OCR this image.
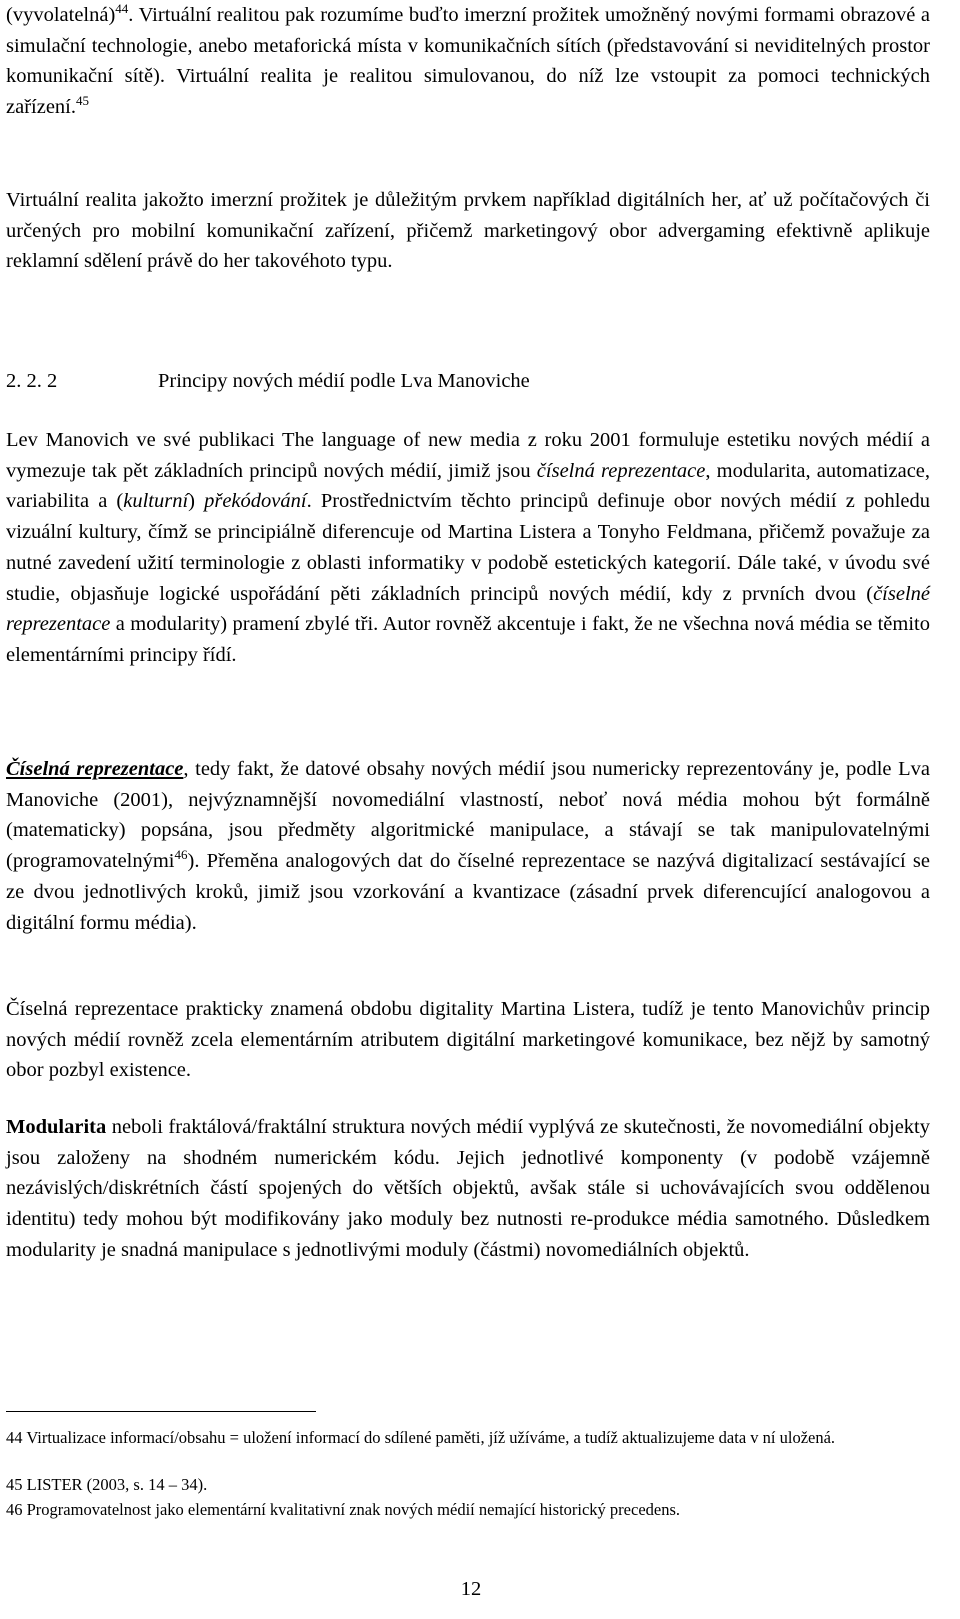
(vyvolatelná)$^{44}$. Virtuální realitou pak rozumíme buďto imerzní prožitek umožněný novými formami obrazové a simulační technologie, anebo metaforická místa v komunikačních sítích (představování si neviditelných prostor komunikační sítě). Virtuální realita je realitou simulovanou, do níž lze vstoupit za pomoci technických zařízení.$^{45}$

Virtuální realita jakožto imerzní prožitek je důležitým prvkem například digitálních her, ať už počítačových či určených pro mobilní komunikační zařízení, přičemž marketingový obor advergaming efektivně aplikuje reklamní sdělení právě do her takovéhoto typu.

2. 2. 2	Principy nových médií podle Lva Manoviche

Lev Manovich ve své publikaci The language of new media z roku 2001 formuluje estetiku nových médií a vymezuje tak pět základních principů nových médií, jimiž jsou číselná reprezentace, modularita, automatizace, variabilita a (kulturní) překódování. Prostřednictvím těchto principů definuje obor nových médií z pohledu vizuální kultury, čímž se principiálně diferencuje od Martina Listera a Tonyho Feldmana, přičemž považuje za nutné zavedení užití terminologie z oblasti informatiky v podobě estetických kategorií. Dále také, v úvodu své studie, objasňuje logické uspořádání pěti základních principů nových médií, kdy z prvních dvou (číselné reprezentace a modularity) pramení zbylé tři. Autor rovněž akcentuje i fakt, že ne všechna nová média se těmito elementárními principy řídí.

Číselná reprezentace, tedy fakt, že datové obsahy nových médií jsou numericky reprezentovány je, podle Lva Manoviche (2001), nejvýznamnější novomediální vlastností, neboť nová média mohou být formálně (matematicky) popsána, jsou předměty algoritmické manipulace, a stávají se tak manipulovatelnými (programovatelnými$^{46}$). Přeměna analogových dat do číselné reprezentace se nazývá digitalizací sestávající se ze dvou jednotlivých kroků, jimiž jsou vzorkování a kvantizace (zásadní prvek diferencující analogovou a digitální formu média).

Číselná reprezentace prakticky znamená obdobu digitality Martina Listera, tudíž je tento Manovichův princip nových médií rovněž zcela elementárním atributem digitální marketingové komunikace, bez nějž by samotný obor pozbyl existence.

Modularita neboli fraktálová/fraktální struktura nových médií vyplývá ze skutečnosti, že novomediální objekty jsou založeny na shodném numerickém kódu. Jejich jednotlivé komponenty (v podobě vzájemně nezávislých/diskrétních částí spojených do větších objektů, avšak stále si uchovávajících svou oddělenou identitu) tedy mohou být modifikovány jako moduly bez nutnosti re-produkce média samotného. Důsledkem modularity je snadná manipulace s jednotlivými moduly (částmi) novomediálních objektů.

44 Virtualizace informací/obsahu = uložení informací do sdílené paměti, jíž užíváme, a tudíž aktualizujeme data v ní uložená.
45 LISTER (2003, s. 14 – 34).
46 Programovatelnost jako elementární kvalitativní znak nových médií nemající historický precedens.
12
